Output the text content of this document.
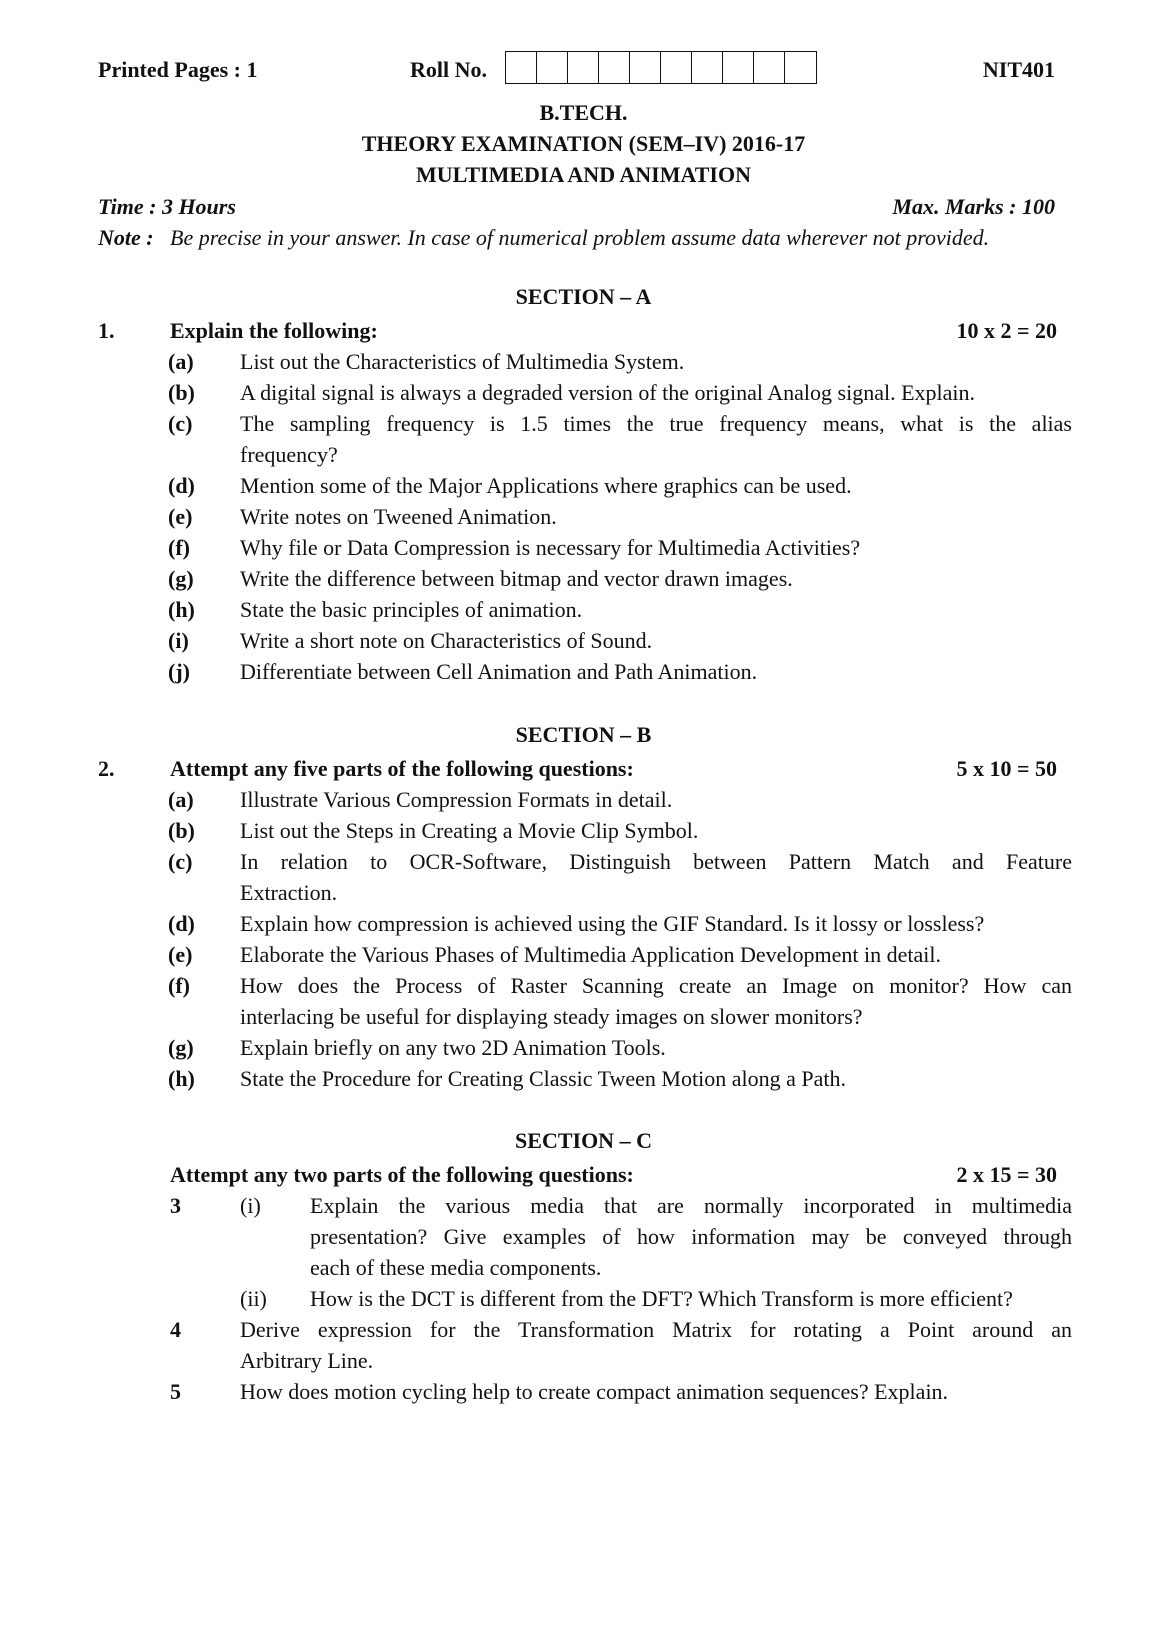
Printed Pages : 1	Roll No.	NIT401
B.TECH.
THEORY EXAMINATION (SEM–IV) 2016-17
MULTIMEDIA AND ANIMATION
Time : 3 Hours	Max. Marks : 100
Note : Be precise in your answer. In case of numerical problem assume data wherever not provided.
SECTION – A
1.	Explain the following:	10 x 2 = 20
(a) List out the Characteristics of Multimedia System.
(b) A digital signal is always a degraded version of the original Analog signal. Explain.
(c) The sampling frequency is 1.5 times the true frequency means, what is the alias
frequency?
(d) Mention some of the Major Applications where graphics can be used.
(e) Write notes on Tweened Animation.
(f) Why file or Data Compression is necessary for Multimedia Activities?
(g) Write the difference between bitmap and vector drawn images.
(h) State the basic principles of animation.
(i) Write a short note on Characteristics of Sound.
(j) Differentiate between Cell Animation and Path Animation.
SECTION – B
2.	Attempt any five parts of the following questions:	5 x 10 = 50
(a) Illustrate Various Compression Formats in detail.
(b) List out the Steps in Creating a Movie Clip Symbol.
(c) In relation to OCR-Software, Distinguish between Pattern Match and Feature
Extraction.
(d) Explain how compression is achieved using the GIF Standard. Is it lossy or lossless?
(e) Elaborate the Various Phases of Multimedia Application Development in detail.
(f) How does the Process of Raster Scanning create an Image on monitor? How can
interlacing be useful for displaying steady images on slower monitors?
(g) Explain briefly on any two 2D Animation Tools.
(h) State the Procedure for Creating Classic Tween Motion along a Path.
SECTION – C
Attempt any two parts of the following questions:	2 x 15 = 30
3	(i) Explain the various media that are normally incorporated in multimedia
presentation? Give examples of how information may be conveyed through
each of these media components.
(ii) How is the DCT is different from the DFT? Which Transform is more efficient?
4	Derive expression for the Transformation Matrix for rotating a Point around an
Arbitrary Line.
5	How does motion cycling help to create compact animation sequences? Explain.
